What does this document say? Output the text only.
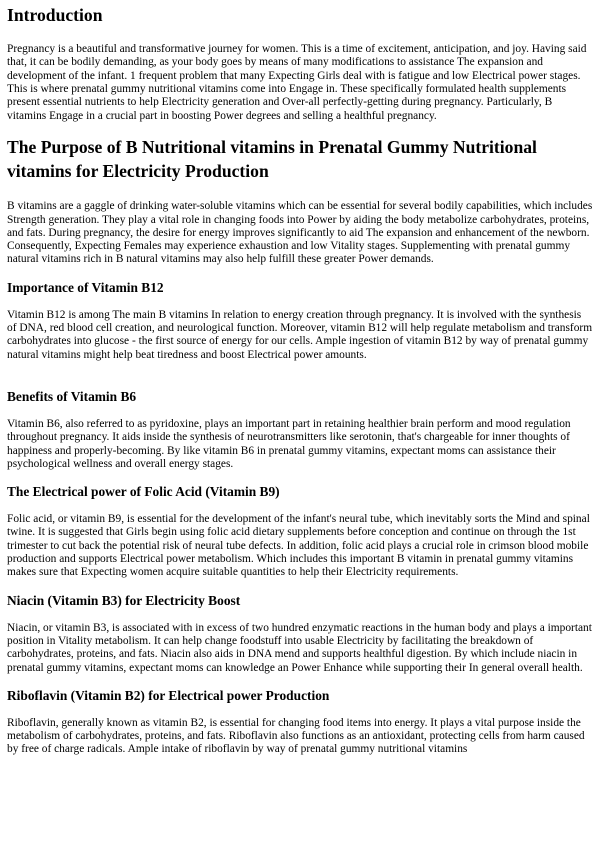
Introduction

Pregnancy is a beautiful and transformative journey for women. This is a time of excitement, anticipation, and joy. Having said that, it can be bodily demanding, as your body goes by means of many modifications to assistance The expansion and development of the infant. 1 frequent problem that many Expecting Girls deal with is fatigue and low Electrical power stages. This is where prenatal gummy nutritional vitamins come into Engage in. These specifically formulated health supplements present essential nutrients to help Electricity generation and Over-all perfectly-getting during pregnancy. Particularly, B vitamins Engage in a crucial part in boosting Power degrees and selling a healthful pregnancy.

The Purpose of B Nutritional vitamins in Prenatal Gummy Nutritional vitamins for Electricity Production

B vitamins are a gaggle of drinking water-soluble vitamins which can be essential for several bodily capabilities, which includes Strength generation. They play a vital role in changing foods into Power by aiding the body metabolize carbohydrates, proteins, and fats. During pregnancy, the desire for energy improves significantly to aid The expansion and enhancement of the newborn. Consequently, Expecting Females may experience exhaustion and low Vitality stages. Supplementing with prenatal gummy natural vitamins rich in B natural vitamins may also help fulfill these greater Power demands.

Importance of Vitamin B12

Vitamin B12 is among The main B vitamins In relation to energy creation through pregnancy. It is involved with the synthesis of DNA, red blood cell creation, and neurological function. Moreover, vitamin B12 will help regulate metabolism and transform carbohydrates into glucose - the first source of energy for our cells. Ample ingestion of vitamin B12 by way of prenatal gummy natural vitamins might help beat tiredness and boost Electrical power amounts.

Benefits of Vitamin B6

Vitamin B6, also referred to as pyridoxine, plays an important part in retaining healthier brain perform and mood regulation throughout pregnancy. It aids inside the synthesis of neurotransmitters like serotonin, that's chargeable for inner thoughts of happiness and properly-becoming. By like vitamin B6 in prenatal gummy vitamins, expectant moms can assistance their psychological wellness and overall energy stages.

The Electrical power of Folic Acid (Vitamin B9)

Folic acid, or vitamin B9, is essential for the development of the infant's neural tube, which inevitably sorts the Mind and spinal twine. It is suggested that Girls begin using folic acid dietary supplements before conception and continue on through the 1st trimester to cut back the potential risk of neural tube defects. In addition, folic acid plays a crucial role in crimson blood mobile production and supports Electrical power metabolism. Which includes this important B vitamin in prenatal gummy vitamins makes sure that Expecting women acquire suitable quantities to help their Electricity requirements.

Niacin (Vitamin B3) for Electricity Boost

Niacin, or vitamin B3, is associated with in excess of two hundred enzymatic reactions in the human body and plays a important position in Vitality metabolism. It can help change foodstuff into usable Electricity by facilitating the breakdown of carbohydrates, proteins, and fats. Niacin also aids in DNA mend and supports healthful digestion. By which include niacin in prenatal gummy vitamins, expectant moms can knowledge an Power Enhance while supporting their In general overall health.

Riboflavin (Vitamin B2) for Electrical power Production

Riboflavin, generally known as vitamin B2, is essential for changing food items into energy. It plays a vital purpose inside the metabolism of carbohydrates, proteins, and fats. Riboflavin also functions as an antioxidant, protecting cells from harm caused by free of charge radicals. Ample intake of riboflavin by way of prenatal gummy nutritional vitamins
